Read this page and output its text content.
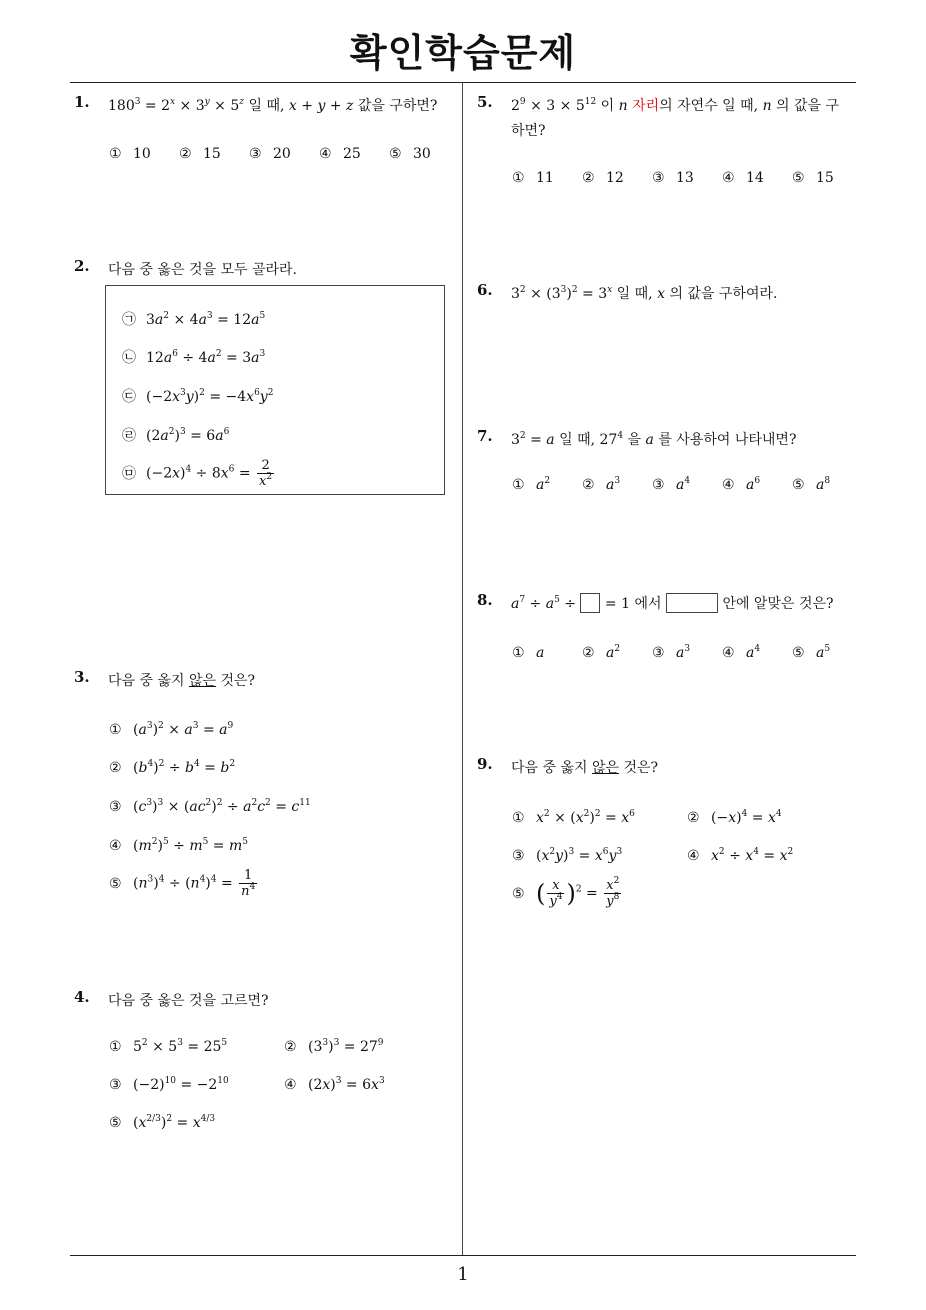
확인학습문제
1
1. $180^3 = 2^x \times 3^y \times 5^z$ 일 때, x + y + z 값을 구하면?
① 10 ② 15 ③ 20 ④ 25 ⑤ 30
2. 다음 중 옳은 것을 모두 골라라.
㉠ $3a^2 \times 4a^3 = 12a^5$
㉡ $12a^6 \div 4a^2 = 3a^3$
㉢ $(-2x^3y)^2 = -4x^6y^2$
㉣ $(2a^2)^3 = 6a^6$
㉤ $(-2x)^4 \div 8x^6 = \frac{2}{x^2}$
3. 다음 중 옳지 않은 것은?
① $(a^3)^2 \times a^3 = a^9$
② $(b^4)^2 \div b^4 = b^2$
③ $(c^3)^3 \times (ac^2)^2 \div a^2c^2 = c^{11}$
④ $(m^2)^5 \div m^5 = m^5$
⑤ $(n^3)^4 \div (n^4)^4 = \frac{1}{n^4}$
4. 다음 중 옳은 것을 고르면?
① $5^2 \times 5^3 = 25^5$	② $(3^3)^3 = 27^9$
③ $(-2)^{10} = -2^{10}$	④ $(2x)^3 = 6x^3$
⑤ $(x^{2/3})^2 = x^{4/3}$
5. $2^9 \times 3 \times 5^{12}$ 이 n 자리의 자연수 일 때, n 의 값을 구
하면?
① 11 ② 12 ③ 13 ④ 14 ⑤ 15
6. $3^2 \times (3^3)^2 = 3^x$ 일 때, x 의 값을 구하여라.
7. $3^2 = a$ 일 때, $27^4$ 을 a 를 사용하여 나타내면?
① $a^2$ ② $a^3$ ③ $a^4$ ④ $a^6$ ⑤ $a^8$
8. $a^7 \div a^5$ ÷  = 1 에서	안에 알맞은 것은?
① a	② $a^2$ ③ $a^3$ ④ $a^4$ ⑤ $a^5$
9. 다음 중 옳지 않은 것은?
① $x^2 \times (x^2)^2 = x^6$	② $(-x)^4 = x^4$
③ $(x^2y)^3 = x^6y^3$	④ $x^2 \div x^4 = x^2$
⑤ ( $\frac{x}{y^4} )^2 = \frac{x^2}{y^8}$
